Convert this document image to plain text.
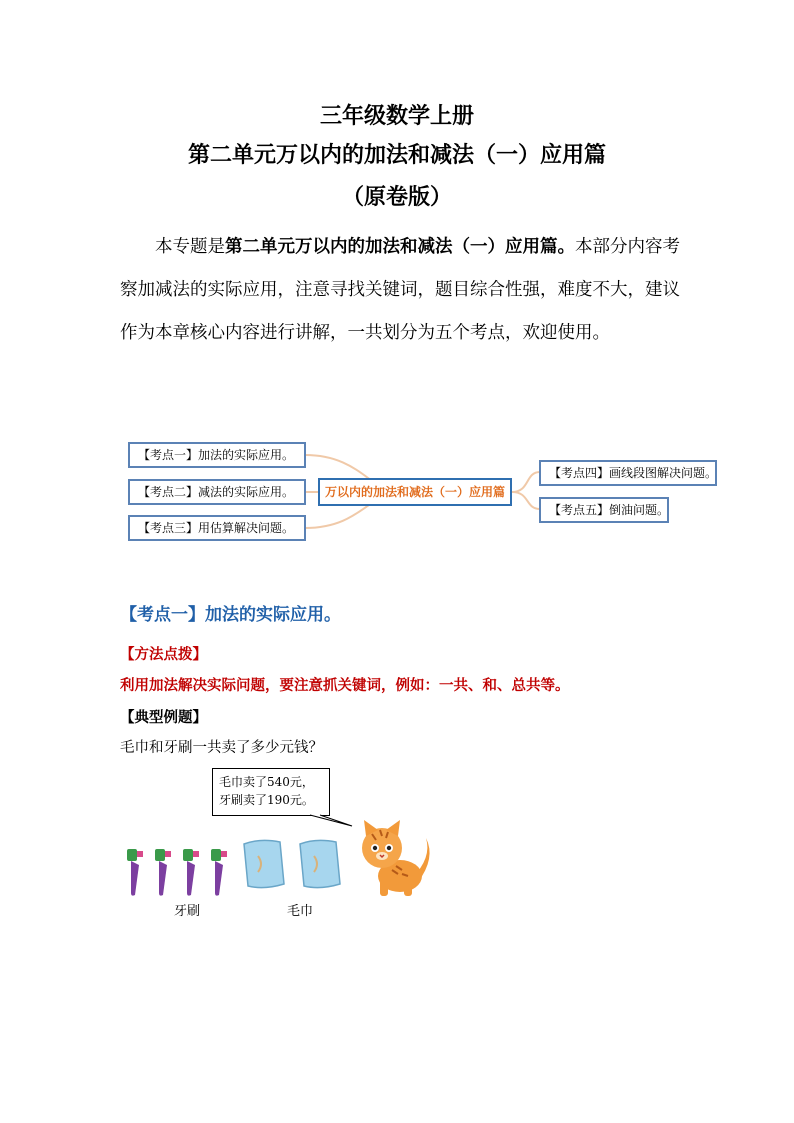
三年级数学上册
第二单元万以内的加法和减法（一）应用篇
（原卷版）
  本专题是第二单元万以内的加法和减法（一）应用篇。本部分内容考察加减法的实际应用，注意寻找关键词，题目综合性强，难度不大，建议作为本章核心内容进行讲解，一共划分为五个考点，欢迎使用。
【考点一】加法的实际应用。
【考点二】减法的实际应用。
【考点三】用估算解决问题。
万以内的加法和减法（一）应用篇
【考点四】画线段图解决问题。
【考点五】倒油问题。
【考点一】加法的实际应用。
【方法点拨】
利用加法解决实际问题，要注意抓关键词，例如：一共、和、总共等。
【典型例题】
毛巾和牙刷一共卖了多少元钱？
毛巾卖了540元，
牙刷卖了190元。
牙刷	毛巾
